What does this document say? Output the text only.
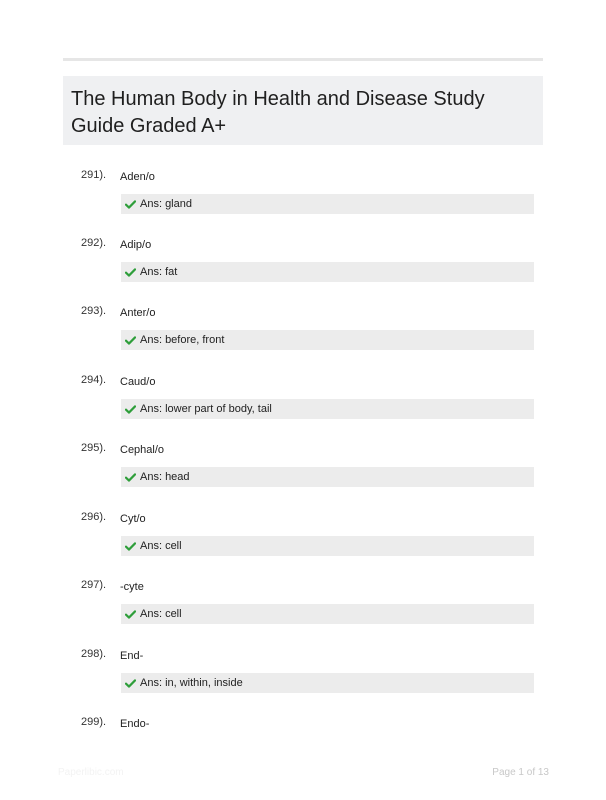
The Human Body in Health and Disease Study Guide Graded A+
291). Aden/o
Ans: gland
292). Adip/o
Ans: fat
293). Anter/o
Ans: before, front
294). Caud/o
Ans: lower part of body, tail
295). Cephal/o
Ans: head
296). Cyt/o
Ans: cell
297). -cyte
Ans: cell
298). End-
Ans: in, within, inside
299). Endo-
Paperlibic.com	Page 1 of 13
